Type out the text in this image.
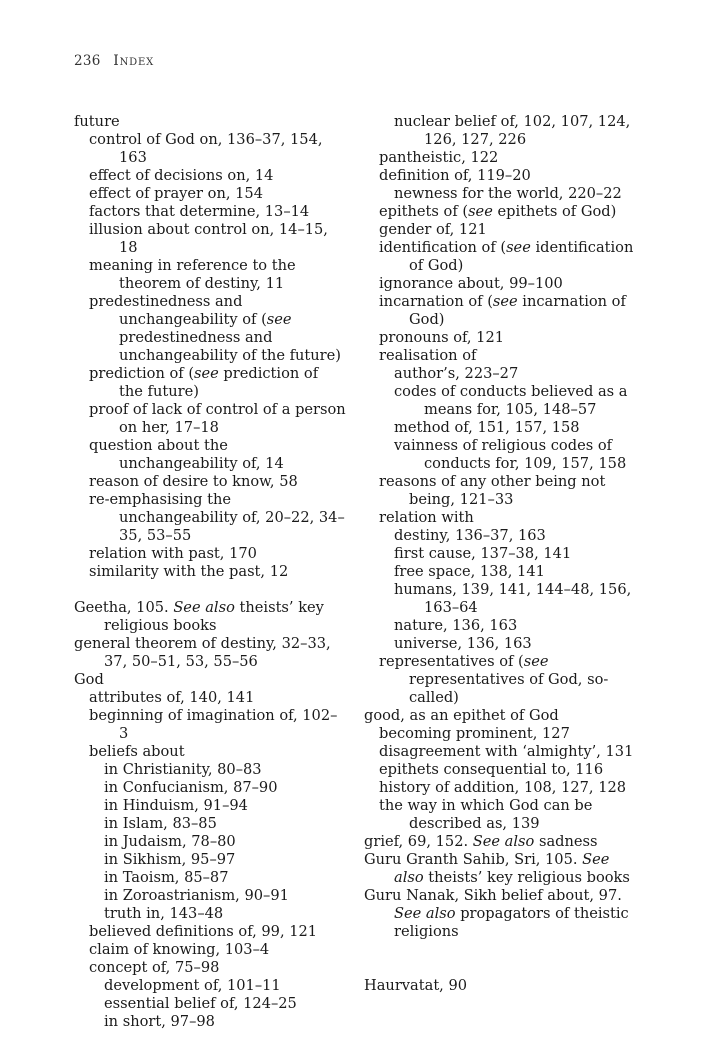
236 Index
future
control of God on, 136–37, 154, 163
effect of decisions on, 14
effect of prayer on, 154
factors that determine, 13–14
illusion about control on, 14–15, 18
meaning in reference to the theorem of destiny, 11
predestinedness and unchangeability of (see predestinedness and unchangeability of the future)
prediction of (see prediction of the future)
proof of lack of control of a person on her, 17–18
question about the unchangeability of, 14
reason of desire to know, 58
re-emphasising the unchangeability of, 20–22, 34–35, 53–55
relation with past, 170
similarity with the past, 12
Geetha, 105. See also theists’ key religious books
general theorem of destiny, 32–33, 37, 50–51, 53, 55–56
God
attributes of, 140, 141
beginning of imagination of, 102–3
beliefs about
in Christianity, 80–83
in Confucianism, 87–90
in Hinduism, 91–94
in Islam, 83–85
in Judaism, 78–80
in Sikhism, 95–97
in Taoism, 85–87
in Zoroastrianism, 90–91
truth in, 143–48
believed definitions of, 99, 121
claim of knowing, 103–4
concept of, 75–98
development of, 101–11
essential belief of, 124–25
in short, 97–98
nuclear belief of, 102, 107, 124, 126, 127, 226
pantheistic, 122
definition of, 119–20
newness for the world, 220–22
epithets of (see epithets of God)
gender of, 121
identification of (see identification of God)
ignorance about, 99–100
incarnation of (see incarnation of God)
pronouns of, 121
realisation of
author’s, 223–27
codes of conducts believed as a means for, 105, 148–57
method of, 151, 157, 158
vainness of religious codes of conducts for, 109, 157, 158
reasons of any other being not being, 121–33
relation with
destiny, 136–37, 163
first cause, 137–38, 141
free space, 138, 141
humans, 139, 141, 144–48, 156, 163–64
nature, 136, 163
universe, 136, 163
representatives of (see representatives of God, so-called)
good, as an epithet of God
becoming prominent, 127
disagreement with ‘almighty’, 131
epithets consequential to, 116
history of addition, 108, 127, 128
the way in which God can be described as, 139
grief, 69, 152. See also sadness
Guru Granth Sahib, Sri, 105. See also theists’ key religious books
Guru Nanak, Sikh belief about, 97. See also propagators of theistic religions
Haurvatat, 90
